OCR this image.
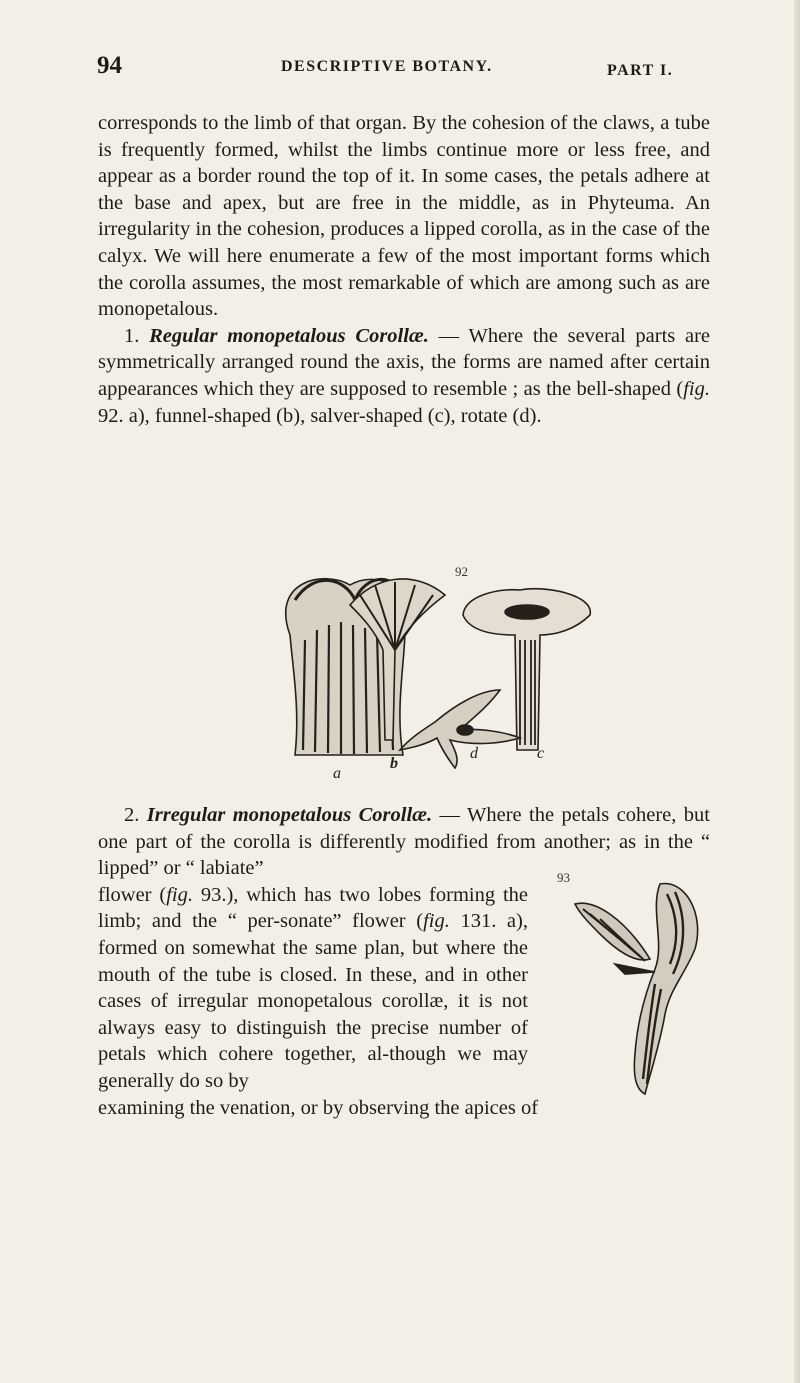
94	DESCRIPTIVE BOTANY.	PART I.

corresponds to the limb of that organ. By the cohesion of the claws, a tube is frequently formed, whilst the limbs continue more or less free, and appear as a border round the top of it. In some cases, the petals adhere at the base and apex, but are free in the middle, as in Phyteuma. An irregularity in the cohesion, produces a lipped corolla, as in the case of the calyx. We will here enumerate a few of the most important forms which the corolla assumes, the most remarkable of which are among such as are monopetalous.

1. Regular monopetalous Corollæ. — Where the several parts are symmetrically arranged round the axis, the forms are named after certain appearances which they are supposed to resemble ; as the bell-shaped (fig. 92. a), funnel-shaped (b), salver-shaped (c), rotate (d).

92
a
b
d	c

2. Irregular monopetalous Corollæ. — Where the petals cohere, but one part of the corolla is differently modified from another; as in the “ lipped” or “ labiate”

flower (fig. 93.), which has two lobes forming the limb; and the “ per-sonate” flower (fig. 131. a), formed on somewhat the same plan, but where the mouth of the tube is closed. In these, and in other cases of irregular monopetalous corollæ, it is not always easy to distinguish the precise number of petals which cohere together, al-though we may generally do so by

examining the venation, or by observing the apices of

93
